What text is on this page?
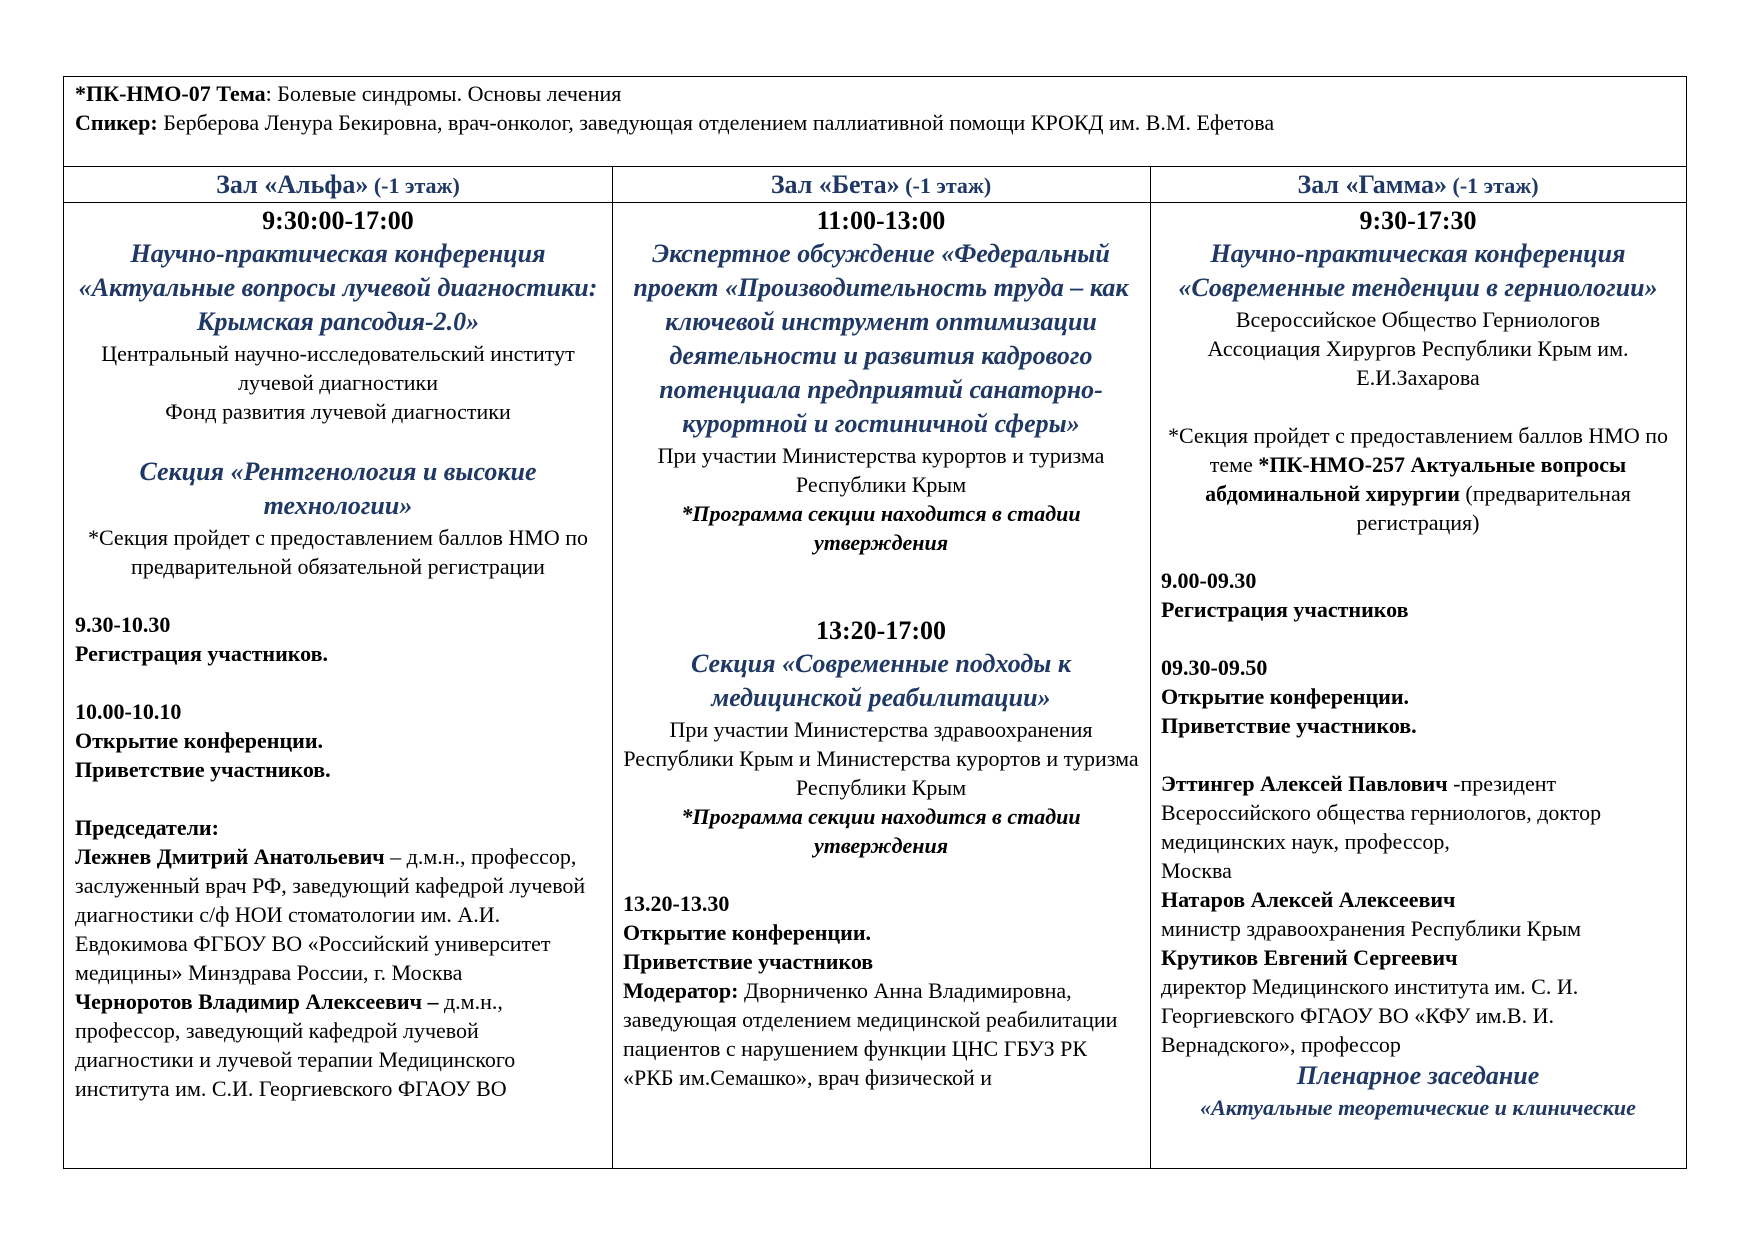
*ПК-НМО-07 Тема: Болевые синдромы. Основы лечения
Спикер: Берберова Ленура Бекировна, врач-онколог, заведующая отделением паллиативной помощи КРОКД им. В.М. Ефетова
Зал «Альфа» (-1 этаж)	Зал «Бета» (-1 этаж)	Зал «Гамма» (-1 этаж)

9:30:00-17:00

Научно-практическая конференция «Актуальные вопросы лучевой диагностики: Крымская рапсодия-2.0»

Центральный научно-исследовательский институт лучевой диагностики

Фонд развития лучевой диагностики

Секция «Рентгенология и высокие технологии»

*Секция пройдет с предоставлением баллов НМО по предварительной обязательной регистрации

9.30-10.30

Регистрация участников.

10.00-10.10

Открытие конференции.

Приветствие участников.

Председатели:

Лежнев Дмитрий Анатольевич – д.м.н., профессор, заслуженный врач РФ, заведующий кафедрой лучевой диагностики с/ф НОИ стоматологии им. А.И. Евдокимова ФГБОУ ВО «Российский университет медицины» Минздрава России, г. Москва

Черноротов Владимир Алексеевич – д.м.н., профессор, заведующий кафедрой лучевой диагностики и лучевой терапии Медицинского института им. С.И. Георгиевского ФГАОУ ВО

11:00-13:00

Экспертное обсуждение «Федеральный проект «Производительность труда – как ключевой инструмент оптимизации деятельности и развития кадрового потенциала предприятий санаторно-курортной и гостиничной сферы»

При участии Министерства курортов и туризма Республики Крым

*Программа секции находится в стадии утверждения

13:20-17:00

Секция «Современные подходы к медицинской реабилитации»

При участии Министерства здравоохранения Республики Крым и Министерства курортов и туризма Республики Крым

*Программа секции находится в стадии утверждения

13.20-13.30

Открытие конференции.

Приветствие участников

Модератор: Дворниченко Анна Владимировна, заведующая отделением медицинской реабилитации пациентов с нарушением функции ЦНС ГБУЗ РК «РКБ им.Семашко», врач физической и

9:30-17:30

Научно-практическая конференция «Современные тенденции в герниологии»

Всероссийское Общество Герниологов

Ассоциация Хирургов Республики Крым им. Е.И.Захарова

*Секция пройдет с предоставлением баллов НМО по теме *ПК-НМО-257 Актуальные вопросы абдоминальной хирургии (предварительная регистрация)

9.00-09.30

Регистрация участников

09.30-09.50

Открытие конференции.

Приветствие участников.

Эттингер Алексей Павлович -президент Всероссийского общества герниологов, доктор медицинских наук, профессор,

Москва

Натаров Алексей Алексеевич

министр здравоохранения Республики Крым

Крутиков Евгений Сергеевич

директор Медицинского института им. С. И. Георгиевского ФГАОУ ВО «КФУ им.В. И. Вернадского», профессор

Пленарное заседание

«Актуальные теоретические и клинические
